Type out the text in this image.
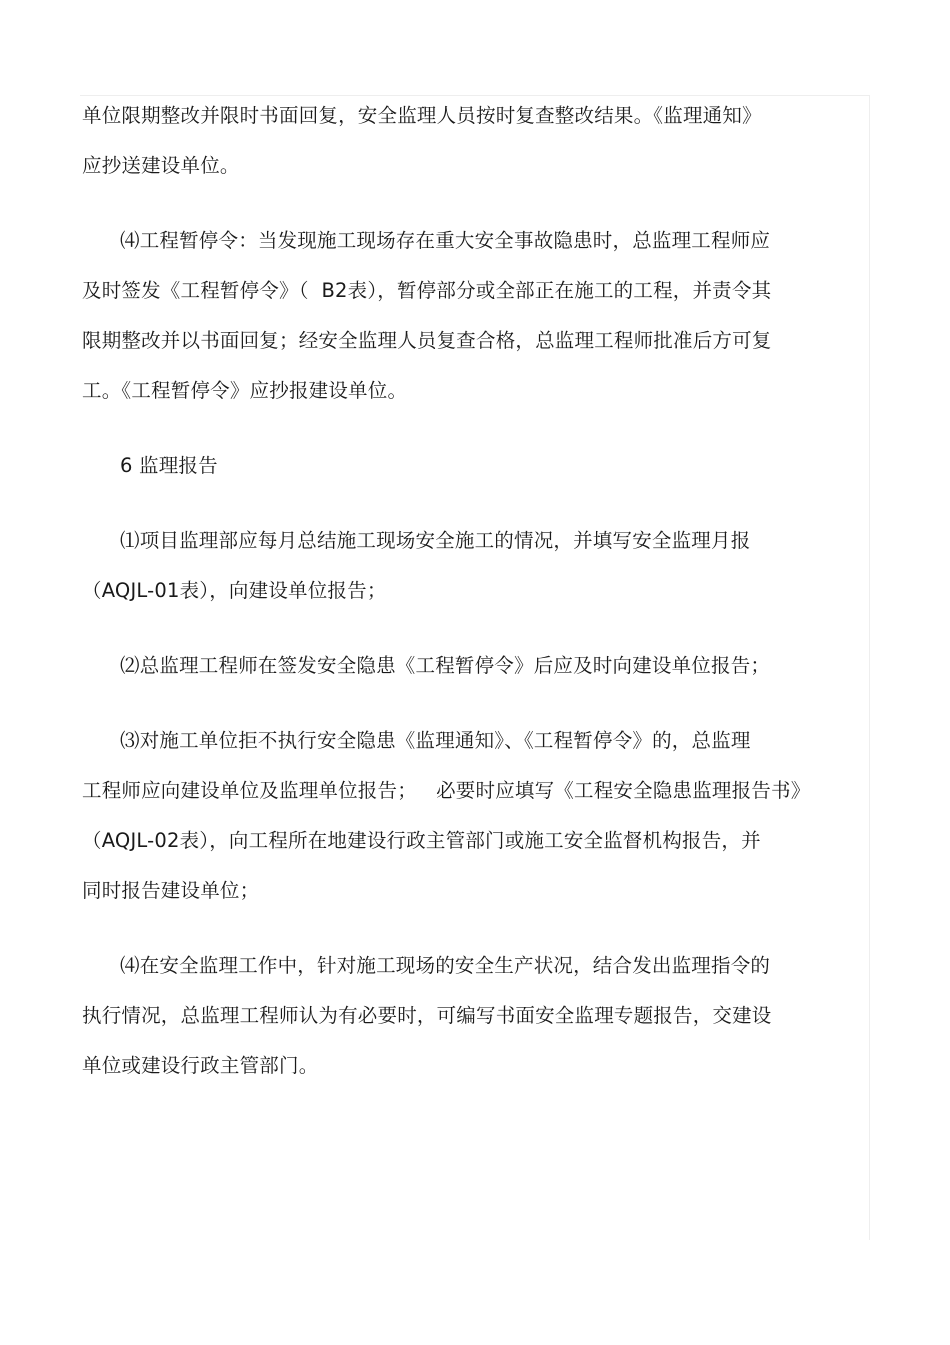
单位限期整改并限时书面回复，安全监理人员按时复查整改结果。《监理通知》
应抄送建设单位。
⑷工程暂停令：当发现施工现场存在重大安全事故隐患时，总监理工程师应
及时签发《工程暂停令》（  B2表），暂停部分或全部正在施工的工程，并责令其
限期整改并以书面回复；经安全监理人员复查合格，总监理工程师批准后方可复
工。《工程暂停令》应抄报建设单位。
6 监理报告
⑴项目监理部应每月总结施工现场安全施工的情况，并填写安全监理月报
（AQJL-01表），向建设单位报告；
⑵总监理工程师在签发安全隐患《工程暂停令》后应及时向建设单位报告；
⑶对施工单位拒不执行安全隐患《监理通知》、《工程暂停令》的，总监理
工程师应向建设单位及监理单位报告；   必要时应填写《工程安全隐患监理报告书》
（AQJL-02表），向工程所在地建设行政主管部门或施工安全监督机构报告，并
同时报告建设单位；
⑷在安全监理工作中，针对施工现场的安全生产状况，结合发出监理指令的
执行情况，总监理工程师认为有必要时，可编写书面安全监理专题报告，交建设
单位或建设行政主管部门。
